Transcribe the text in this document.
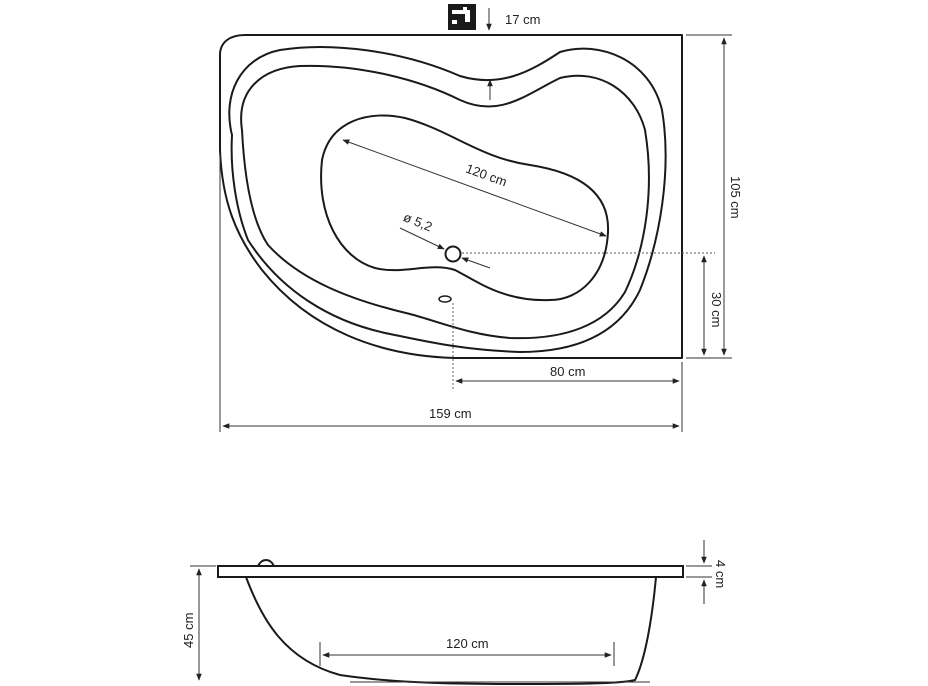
17 cm
120 cm
ø 5,2
105 cm
30 cm
80 cm
159 cm
45 cm
4 cm
120 cm
